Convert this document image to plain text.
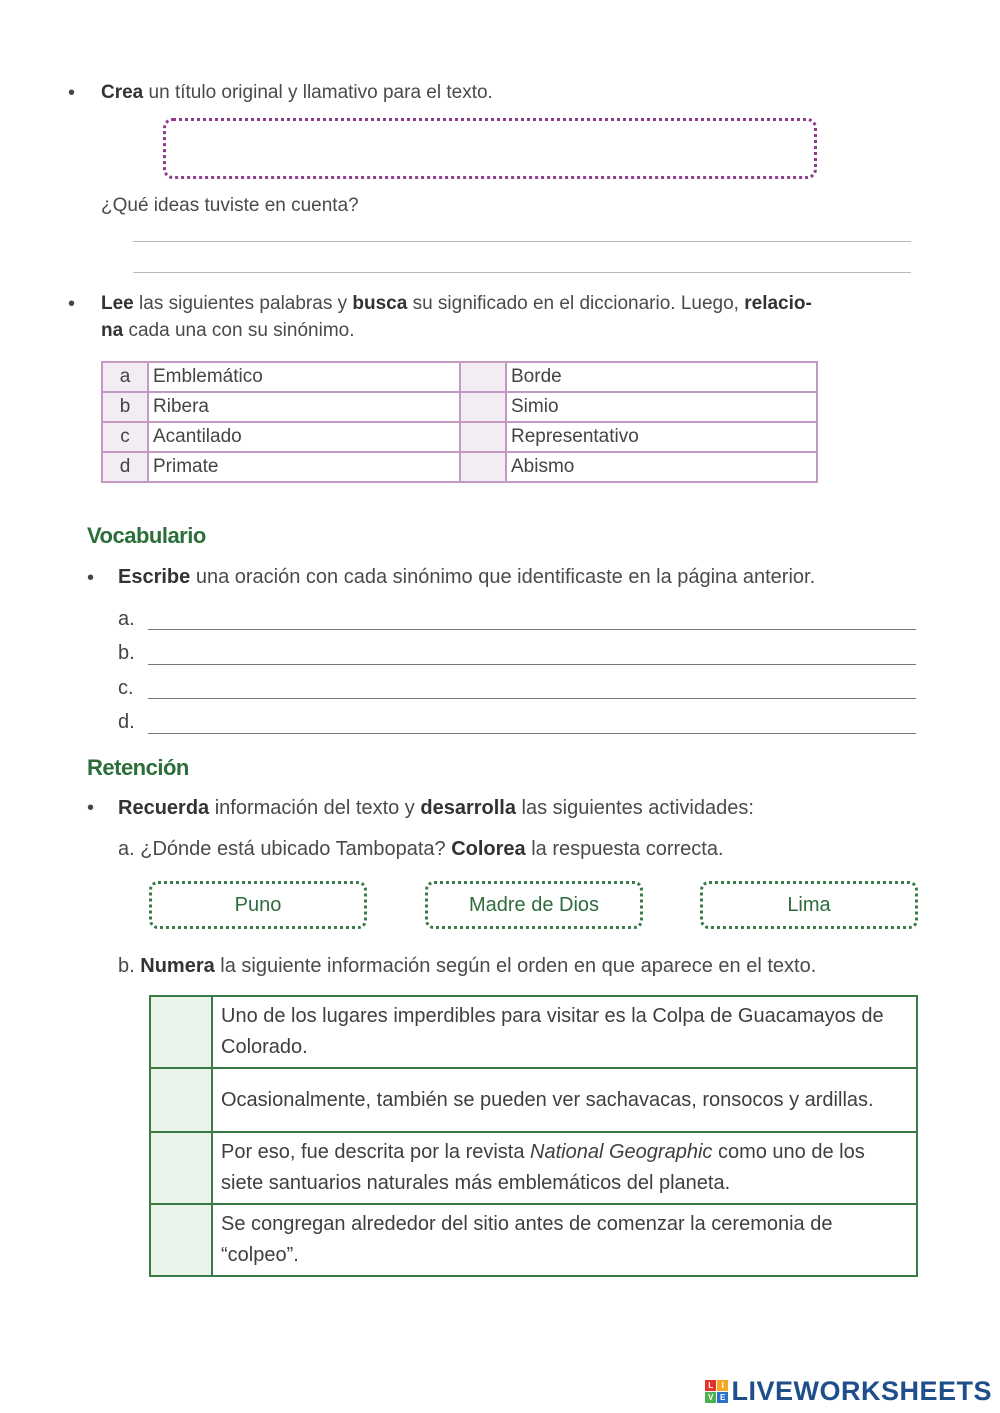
• Crea un título original y llamativo para el texto.
¿Qué ideas tuviste en cuenta?
• Lee las siguientes palabras y busca su significado en el diccionario. Luego, relacio-
na cada una con su sinónimo.
a	Emblemático		Borde
b	Ribera		Simio
c	Acantilado		Representativo
d	Primate		Abismo
Vocabulario
• Escribe una oración con cada sinónimo que identificaste en la página anterior.
a.
b.
c.
d.
Retención
• Recuerda información del texto y desarrolla las siguientes actividades:
a. ¿Dónde está ubicado Tambopata? Colorea la respuesta correcta.
Puno	Madre de Dios	Lima
b. Numera la siguiente información según el orden en que aparece en el texto.
	Uno de los lugares imperdibles para visitar es la Colpa de Guacamayos de Colorado.
	Ocasionalmente, también se pueden ver sachavacas, ronsocos y ardillas.
	Por eso, fue descrita por la revista National Geographic como uno de los siete santuarios naturales más emblemáticos del planeta.
	Se congregan alrededor del sitio antes de comenzar la ceremonia de “colpeo”.
L I
V E LIVEWORKSHEETS
